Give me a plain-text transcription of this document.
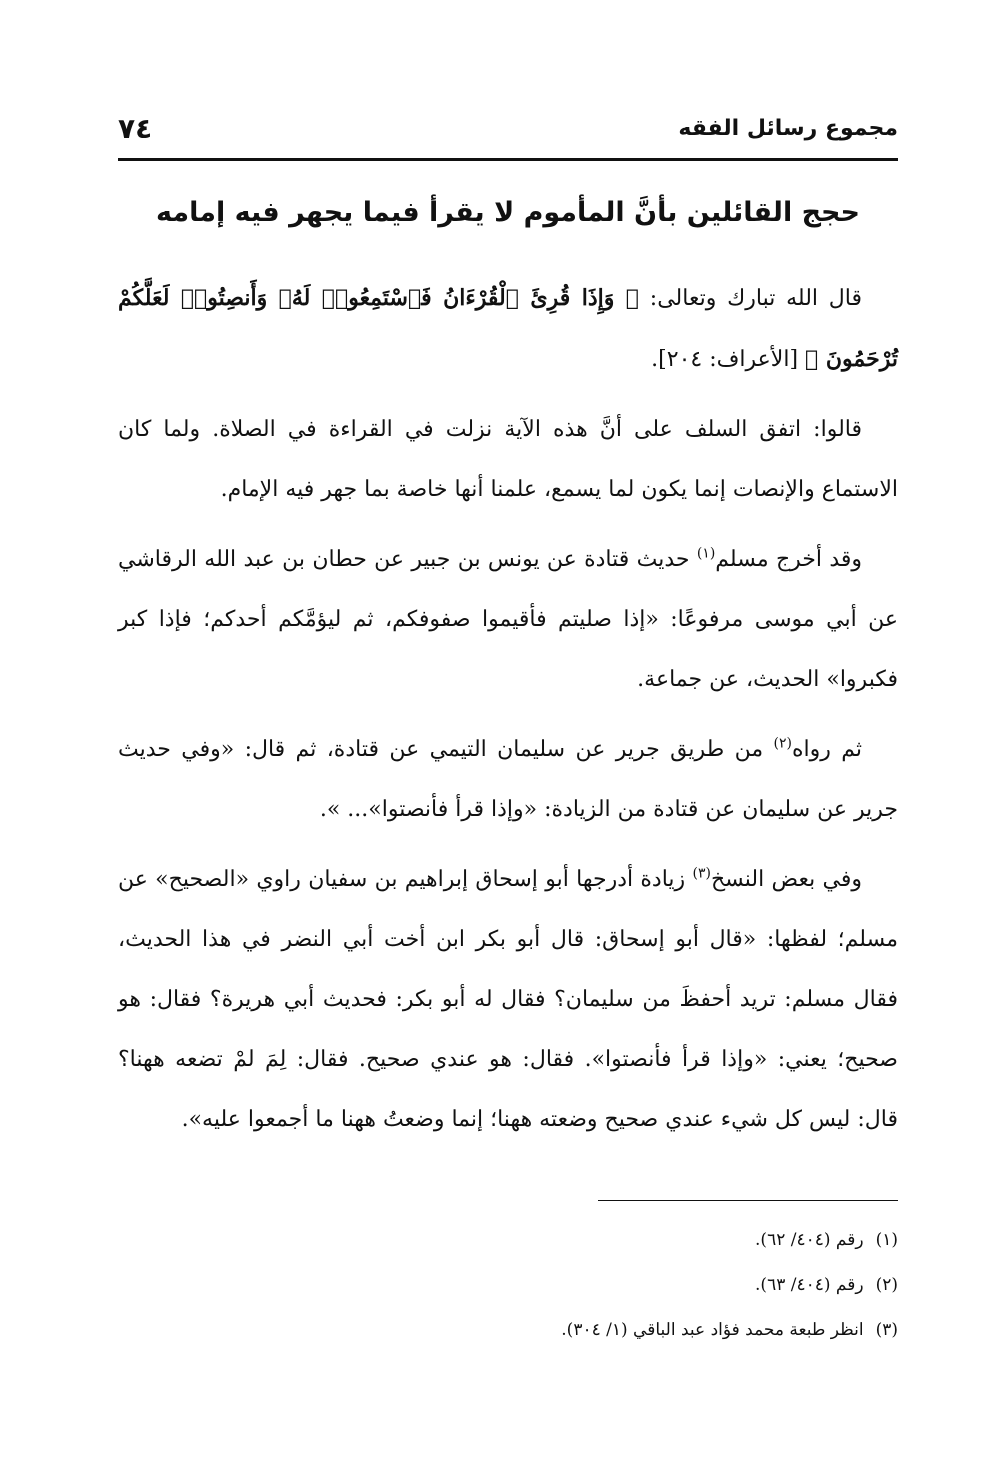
مجموع رسائل الفقه
٧٤
حجج القائلين بأنَّ المأموم لا يقرأ فيما يجهر فيه إمامه

قال الله تبارك وتعالى: ﴿ وَإِذَا قُرِئَ ٱلْقُرْءَانُ فَٱسْتَمِعُوا۟ لَهُۥ وَأَنصِتُوا۟ لَعَلَّكُمْ تُرْحَمُونَ ﴾ [الأعراف: ٢٠٤].

قالوا: اتفق السلف على أنَّ هذه الآية نزلت في القراءة في الصلاة. ولما كان الاستماع والإنصات إنما يكون لما يسمع، علمنا أنها خاصة بما جهر فيه الإمام.

وقد أخرج مسلم$^{(١)}$ حديث قتادة عن يونس بن جبير عن حطان بن عبد الله الرقاشي عن أبي موسى مرفوعًا: «إذا صليتم فأقيموا صفوفكم، ثم ليؤمَّكم أحدكم؛ فإذا كبر فكبروا» الحديث، عن جماعة.

ثم رواه$^{(٢)}$ من طريق جرير عن سليمان التيمي عن قتادة، ثم قال: «وفي حديث جرير عن سليمان عن قتادة من الزيادة: «وإذا قرأ فأنصتوا»... ».

وفي بعض النسخ$^{(٣)}$ زيادة أدرجها أبو إسحاق إبراهيم بن سفيان راوي «الصحيح» عن مسلم؛ لفظها: «قال أبو إسحاق: قال أبو بكر ابن أخت أبي النضر في هذا الحديث، فقال مسلم: تريد أحفظَ من سليمان؟ فقال له أبو بكر: فحديث أبي هريرة؟ فقال: هو صحيح؛ يعني: «وإذا قرأ فأنصتوا». فقال: هو عندي صحيح. فقال: لِمَ لمْ تضعه ههنا؟ قال: ليس كل شيء عندي صحيح وضعته ههنا؛ إنما وضعتُ ههنا ما أجمعوا عليه».

(١)رقم (٤٠٤/ ٦٢).
(٢)رقم (٤٠٤/ ٦٣).
(٣)انظر طبعة محمد فؤاد عبد الباقي (١/ ٣٠٤).
